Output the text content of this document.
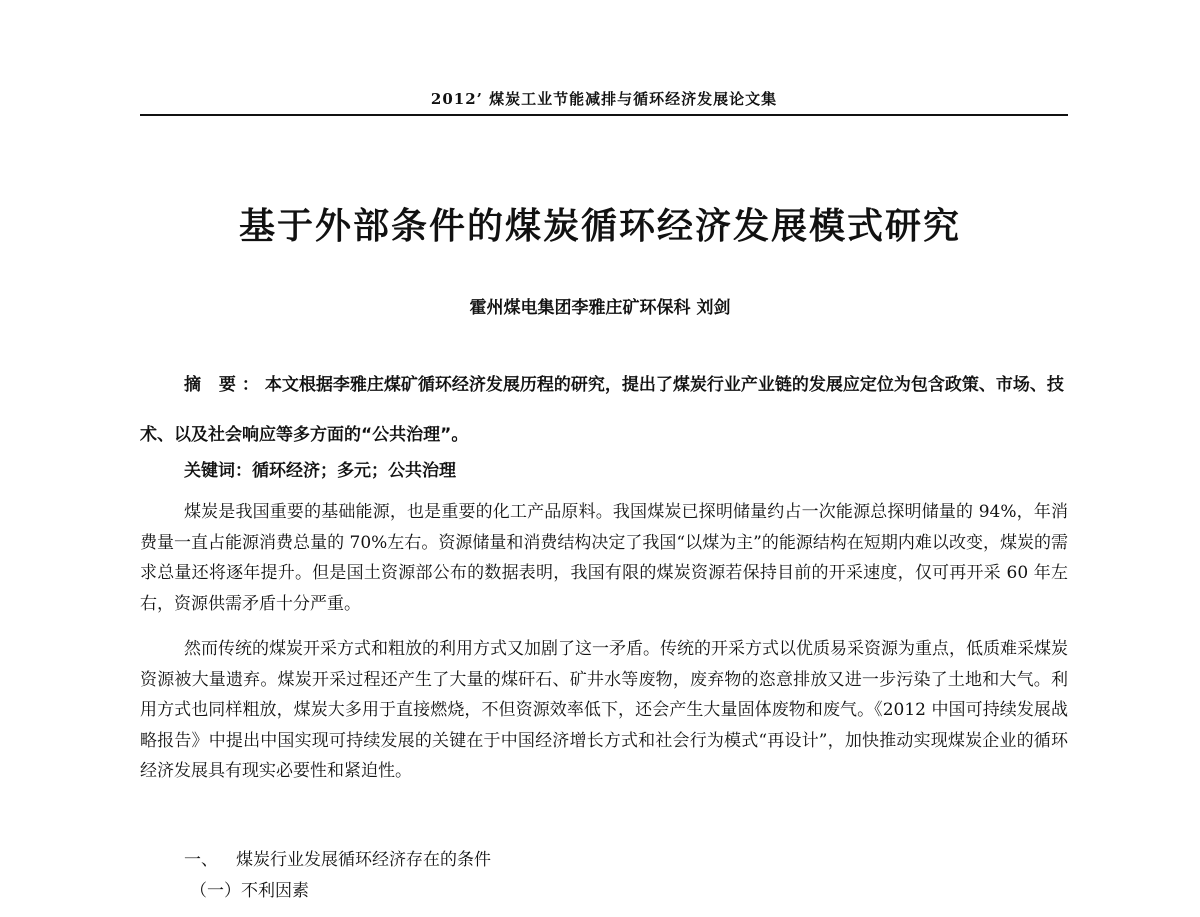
2012’ 煤炭工业节能减排与循环经济发展论文集
基于外部条件的煤炭循环经济发展模式研究
霍州煤电集团李雅庄矿环保科 刘剑

摘 要：本文根据李雅庄煤矿循环经济发展历程的研究，提出了煤炭行业产业链的发展应定位为包含政策、市场、技术、以及社会响应等多方面的“公共治理”。

关键词：循环经济；多元；公共治理

煤炭是我国重要的基础能源，也是重要的化工产品原料。我国煤炭已探明储量约占一次能源总探明储量的 94%，年消费量一直占能源消费总量的 70%左右。资源储量和消费结构决定了我国“以煤为主”的能源结构在短期内难以改变，煤炭的需求总量还将逐年提升。但是国土资源部公布的数据表明，我国有限的煤炭资源若保持目前的开采速度，仅可再开采 60 年左右，资源供需矛盾十分严重。

然而传统的煤炭开采方式和粗放的利用方式又加剧了这一矛盾。传统的开采方式以优质易采资源为重点，低质难采煤炭资源被大量遗弃。煤炭开采过程还产生了大量的煤矸石、矿井水等废物，废弃物的恣意排放又进一步污染了土地和大气。利用方式也同样粗放，煤炭大多用于直接燃烧，不但资源效率低下，还会产生大量固体废物和废气。《2012 中国可持续发展战略报告》中提出中国实现可持续发展的关键在于中国经济增长方式和社会行为模式“再设计”，加快推动实现煤炭企业的循环经济发展具有现实必要性和紧迫性。

一、 煤炭行业发展循环经济存在的条件

（一）不利因素
